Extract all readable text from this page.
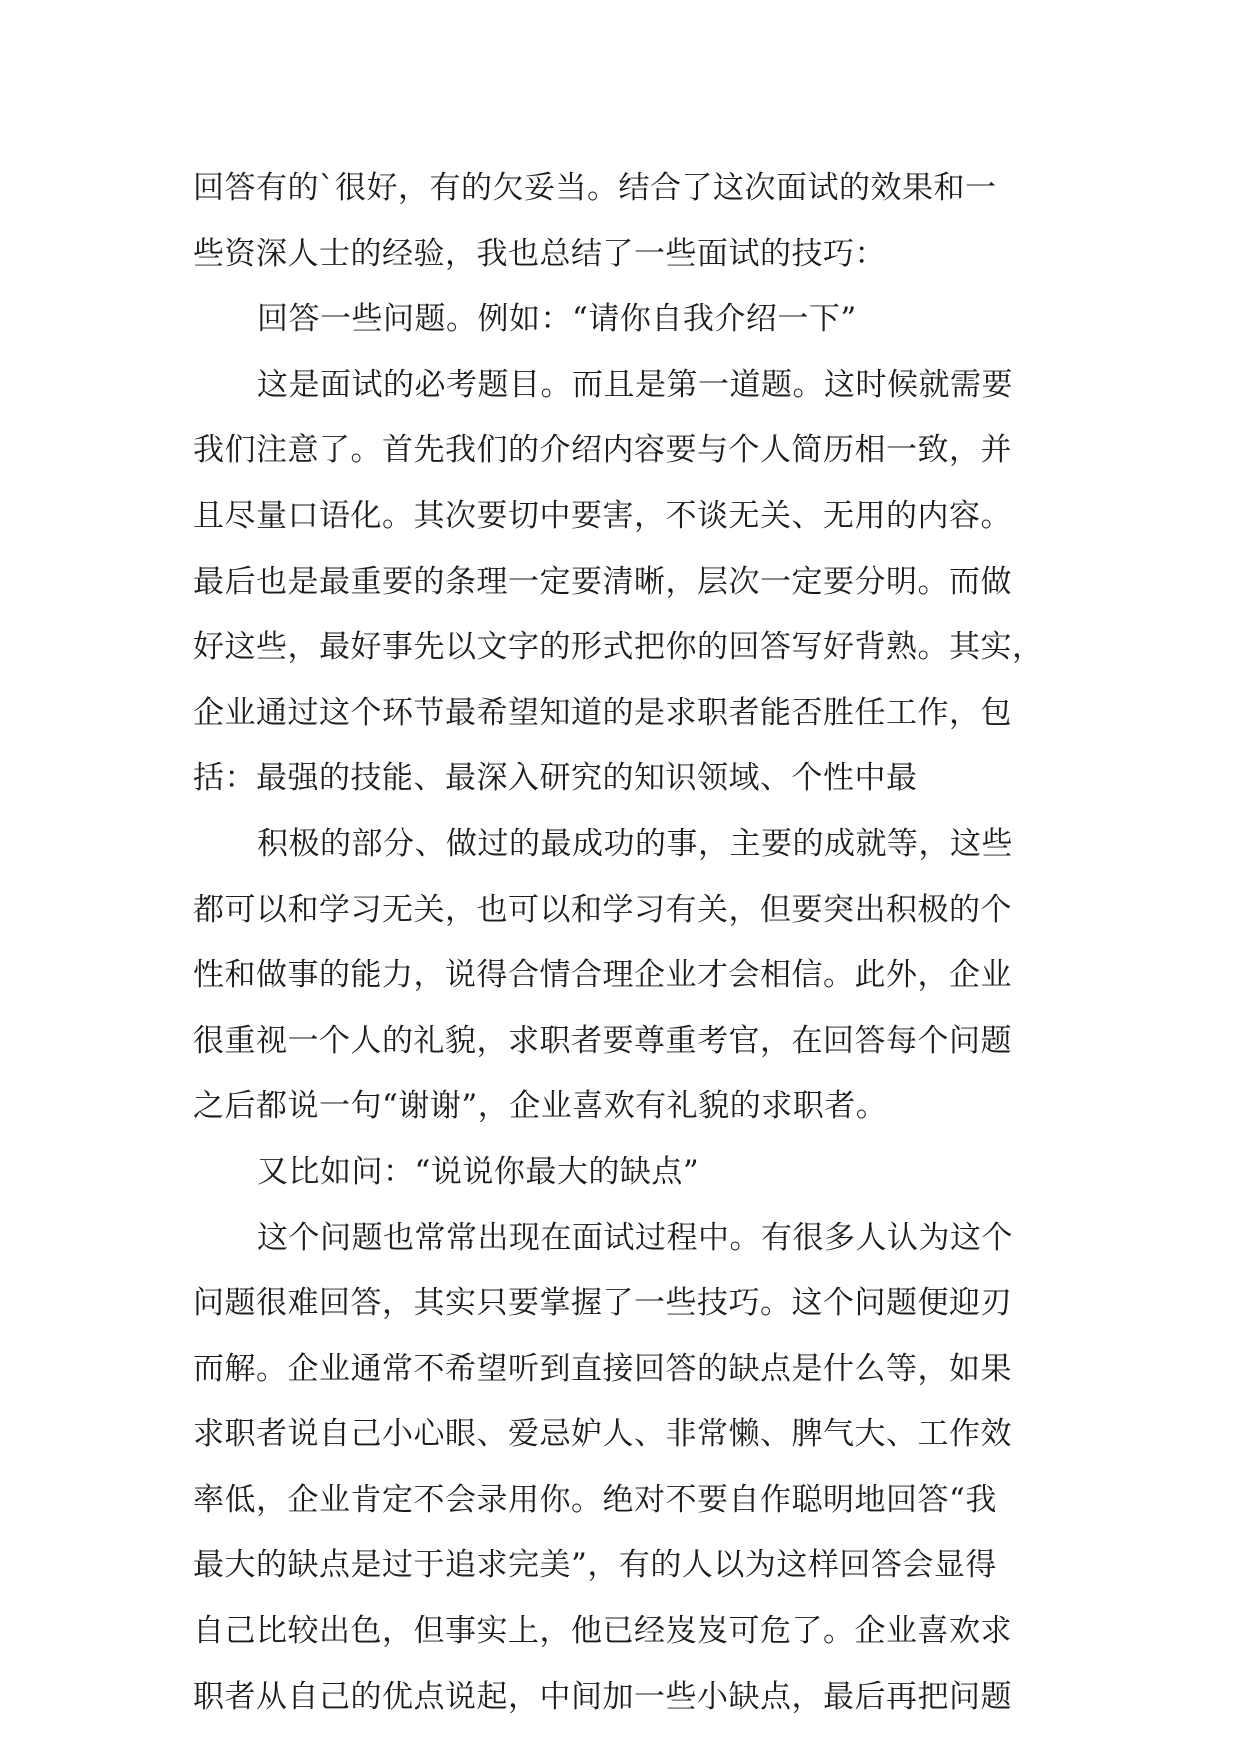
回答有的`很好，有的欠妥当。结合了这次面试的效果和一
些资深人士的经验，我也总结了一些面试的技巧：
回答一些问题。例如：“请你自我介绍一下”
这是面试的必考题目。而且是第一道题。这时候就需要
我们注意了。首先我们的介绍内容要与个人简历相一致，并
且尽量口语化。其次要切中要害，不谈无关、无用的内容。
最后也是最重要的条理一定要清晰，层次一定要分明。而做
好这些，最好事先以文字的形式把你的回答写好背熟。其实，
企业通过这个环节最希望知道的是求职者能否胜任工作，包
括：最强的技能、最深入研究的知识领域、个性中最
积极的部分、做过的最成功的事，主要的成就等，这些
都可以和学习无关，也可以和学习有关，但要突出积极的个
性和做事的能力，说得合情合理企业才会相信。此外，企业
很重视一个人的礼貌，求职者要尊重考官，在回答每个问题
之后都说一句“谢谢”，企业喜欢有礼貌的求职者。
又比如问：“说说你最大的缺点”
这个问题也常常出现在面试过程中。有很多人认为这个
问题很难回答，其实只要掌握了一些技巧。这个问题便迎刃
而解。企业通常不希望听到直接回答的缺点是什么等，如果
求职者说自己小心眼、爱忌妒人、非常懒、脾气大、工作效
率低，企业肯定不会录用你。绝对不要自作聪明地回答“我
最大的缺点是过于追求完美”，有的人以为这样回答会显得
自己比较出色，但事实上，他已经岌岌可危了。企业喜欢求
职者从自己的优点说起，中间加一些小缺点，最后再把问题
